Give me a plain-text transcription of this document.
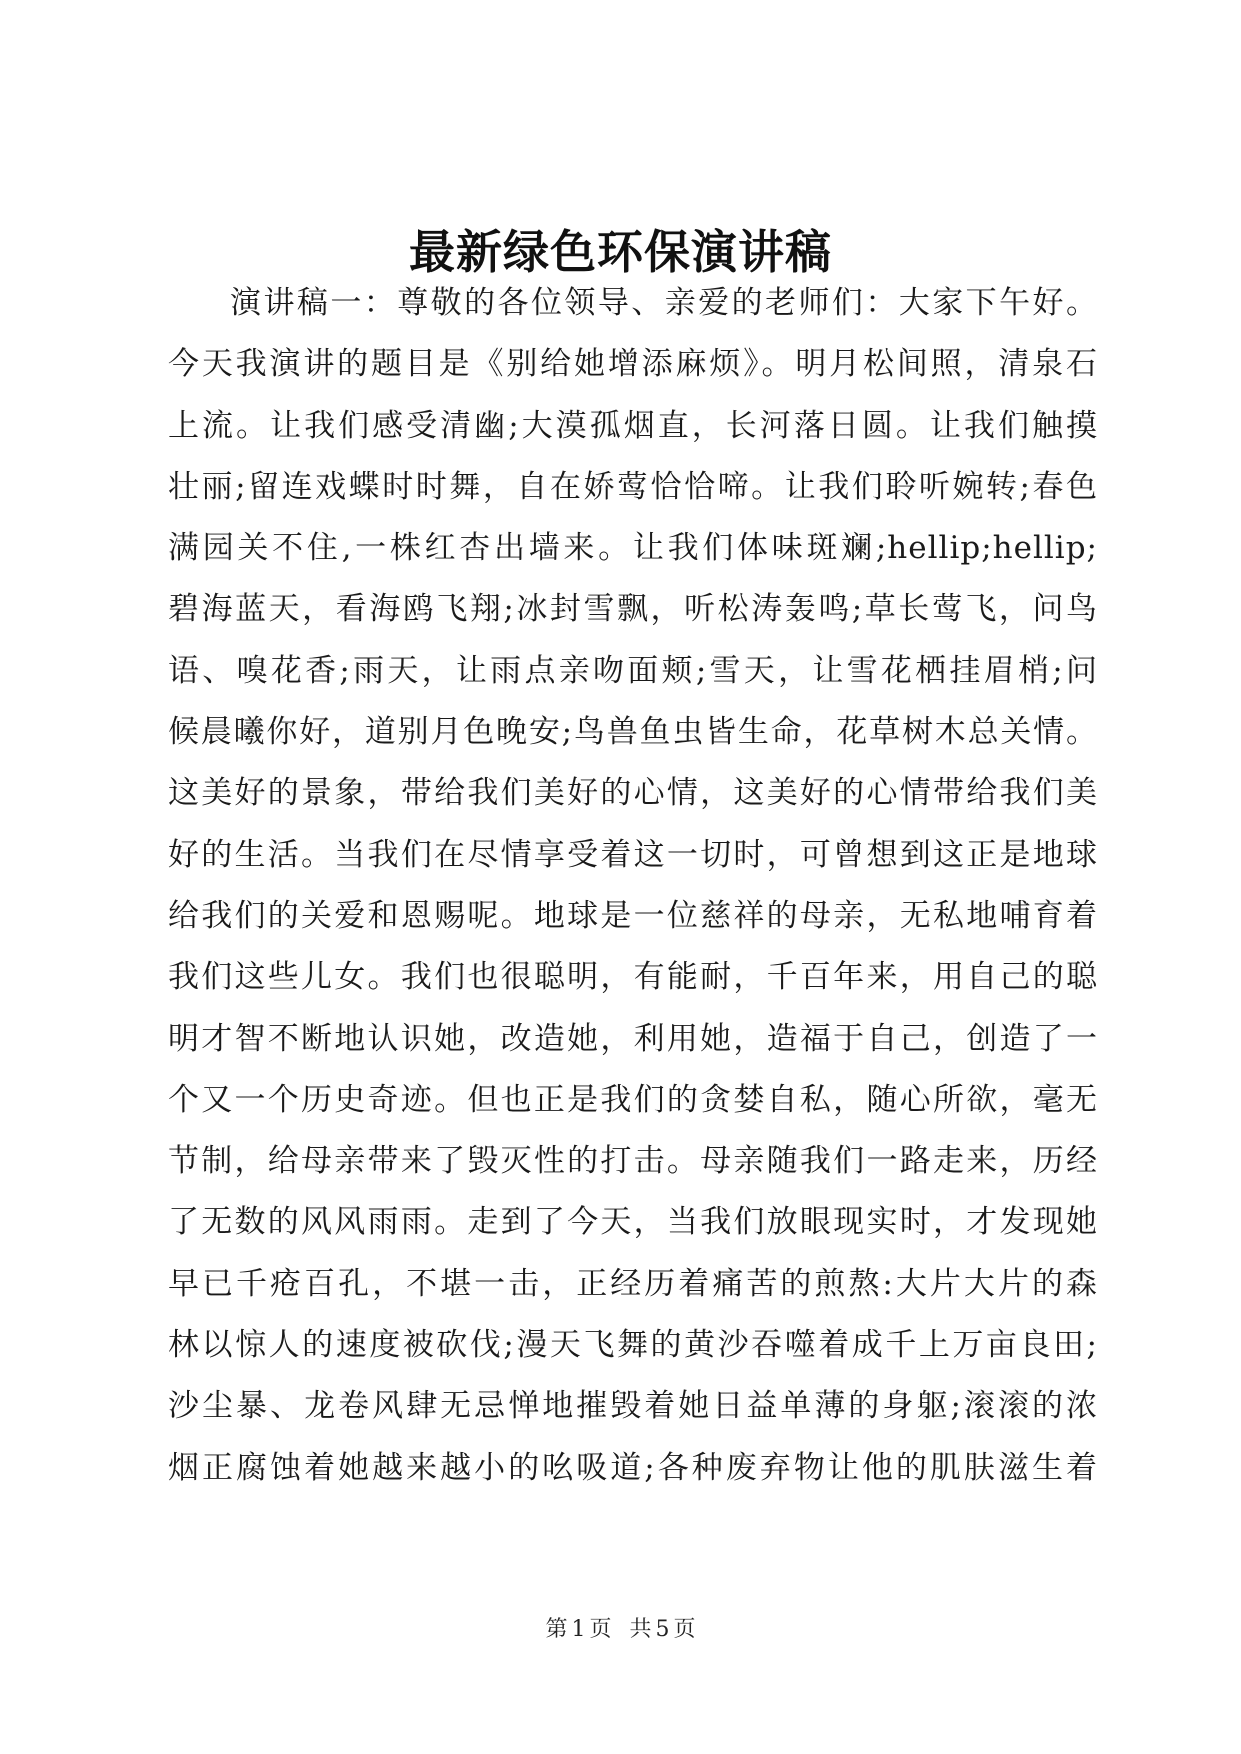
最新绿色环保演讲稿
演讲稿一：尊敬的各位领导、亲爱的老师们：大家下午好。
今天我演讲的题目是《别给她增添麻烦》。明月松间照，清泉石
上流。让我们感受清幽;大漠孤烟直，长河落日圆。让我们触摸
壮丽;留连戏蝶时时舞，自在娇莺恰恰啼。让我们聆听婉转;春色
满园关不住,一株红杏出墙来。让我们体味斑斓;hellip;hellip;
碧海蓝天，看海鸥飞翔;冰封雪飘，听松涛轰鸣;草长莺飞，问鸟
语、嗅花香;雨天，让雨点亲吻面颊;雪天，让雪花栖挂眉梢;问
候晨曦你好，道别月色晚安;鸟兽鱼虫皆生命，花草树木总关情。
这美好的景象，带给我们美好的心情，这美好的心情带给我们美
好的生活。当我们在尽情享受着这一切时，可曾想到这正是地球
给我们的关爱和恩赐呢。地球是一位慈祥的母亲，无私地哺育着
我们这些儿女。我们也很聪明，有能耐，千百年来，用自己的聪
明才智不断地认识她，改造她，利用她，造福于自己，创造了一
个又一个历史奇迹。但也正是我们的贪婪自私，随心所欲，毫无
节制，给母亲带来了毁灭性的打击。母亲随我们一路走来，历经
了无数的风风雨雨。走到了今天，当我们放眼现实时，才发现她
早已千疮百孔，不堪一击，正经历着痛苦的煎熬:大片大片的森
林以惊人的速度被砍伐;漫天飞舞的黄沙吞噬着成千上万亩良田;
沙尘暴、龙卷风肆无忌惮地摧毁着她日益单薄的身躯;滚滚的浓
烟正腐蚀着她越来越小的吆吸道;各种废弃物让他的肌肤滋生着
第 1 页 共 5 页
